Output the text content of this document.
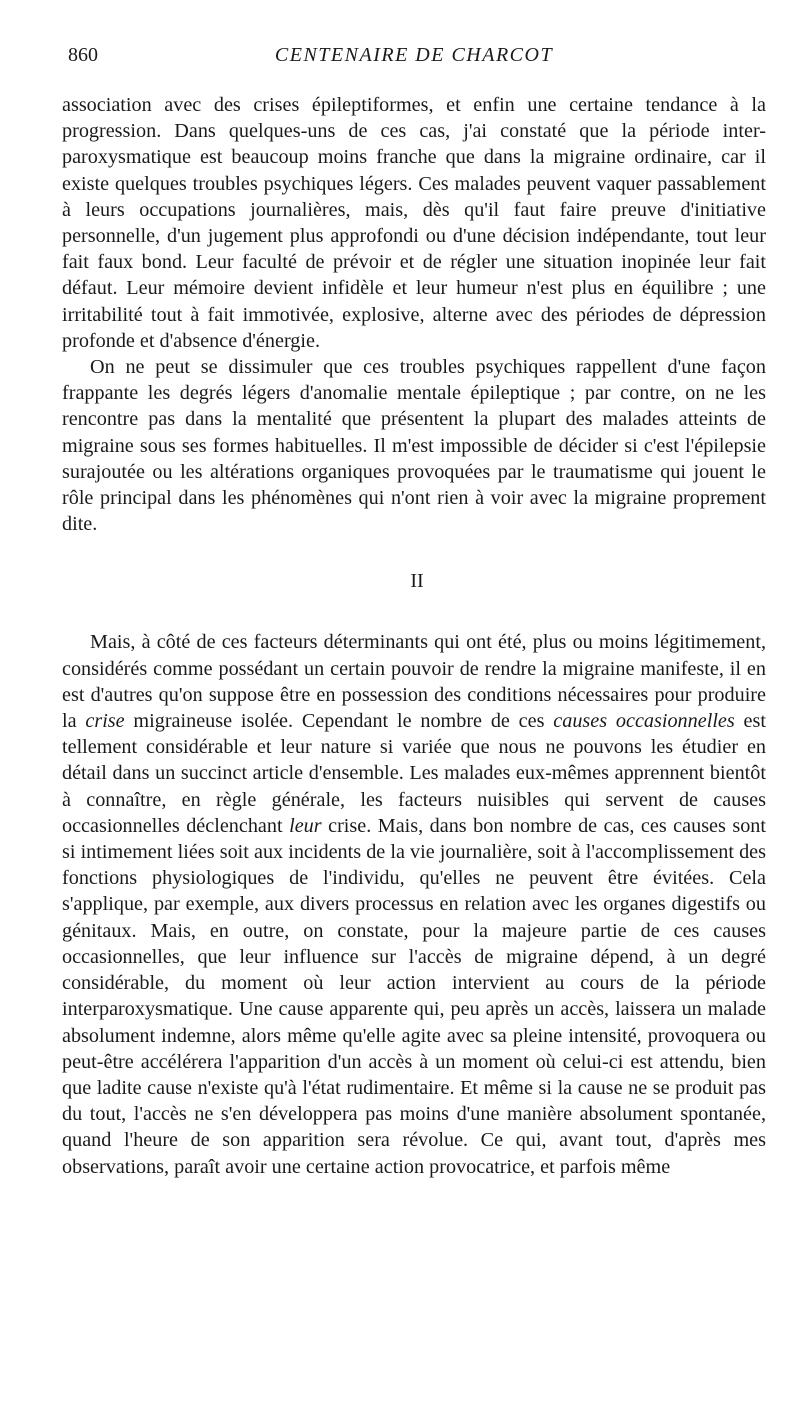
860	CENTENAIRE DE CHARCOT

association avec des crises épileptiformes, et enfin une certaine tendance à la progression. Dans quelques-uns de ces cas, j'ai constaté que la période inter-paroxysmatique est beaucoup moins franche que dans la migraine ordinaire, car il existe quelques troubles psychiques légers. Ces malades peuvent vaquer passablement à leurs occupations journalières, mais, dès qu'il faut faire preuve d'initiative personnelle, d'un jugement plus approfondi ou d'une décision indépendante, tout leur fait faux bond. Leur faculté de prévoir et de régler une situation inopinée leur fait défaut. Leur mémoire devient infidèle et leur humeur n'est plus en équilibre ; une irritabilité tout à fait immotivée, explosive, alterne avec des périodes de dépression profonde et d'absence d'énergie.

On ne peut se dissimuler que ces troubles psychiques rappellent d'une façon frappante les degrés légers d'anomalie mentale épileptique ; par contre, on ne les rencontre pas dans la mentalité que présentent la plupart des malades atteints de migraine sous ses formes habituelles. Il m'est impossible de décider si c'est l'épilepsie surajoutée ou les altérations organiques provoquées par le traumatisme qui jouent le rôle principal dans les phénomènes qui n'ont rien à voir avec la migraine proprement dite.

II

Mais, à côté de ces facteurs déterminants qui ont été, plus ou moins légitimement, considérés comme possédant un certain pouvoir de rendre la migraine manifeste, il en est d'autres qu'on suppose être en possession des conditions nécessaires pour produire la crise migraineuse isolée. Cependant le nombre de ces causes occasionnelles est tellement considérable et leur nature si variée que nous ne pouvons les étudier en détail dans un succinct article d'ensemble. Les malades eux-mêmes apprennent bientôt à connaître, en règle générale, les facteurs nuisibles qui servent de causes occasionnelles déclenchant leur crise. Mais, dans bon nombre de cas, ces causes sont si intimement liées soit aux incidents de la vie journalière, soit à l'accomplissement des fonctions physiologiques de l'individu, qu'elles ne peuvent être évitées. Cela s'applique, par exemple, aux divers processus en relation avec les organes digestifs ou génitaux. Mais, en outre, on constate, pour la majeure partie de ces causes occasionnelles, que leur influence sur l'accès de migraine dépend, à un degré considérable, du moment où leur action intervient au cours de la période interparoxysmatique. Une cause apparente qui, peu après un accès, laissera un malade absolument indemne, alors même qu'elle agite avec sa pleine intensité, provoquera ou peut-être accélérera l'apparition d'un accès à un moment où celui-ci est attendu, bien que ladite cause n'existe qu'à l'état rudimentaire. Et même si la cause ne se produit pas du tout, l'accès ne s'en développera pas moins d'une manière absolument spontanée, quand l'heure de son apparition sera révolue. Ce qui, avant tout, d'après mes observations, paraît avoir une certaine action provocatrice, et parfois même
